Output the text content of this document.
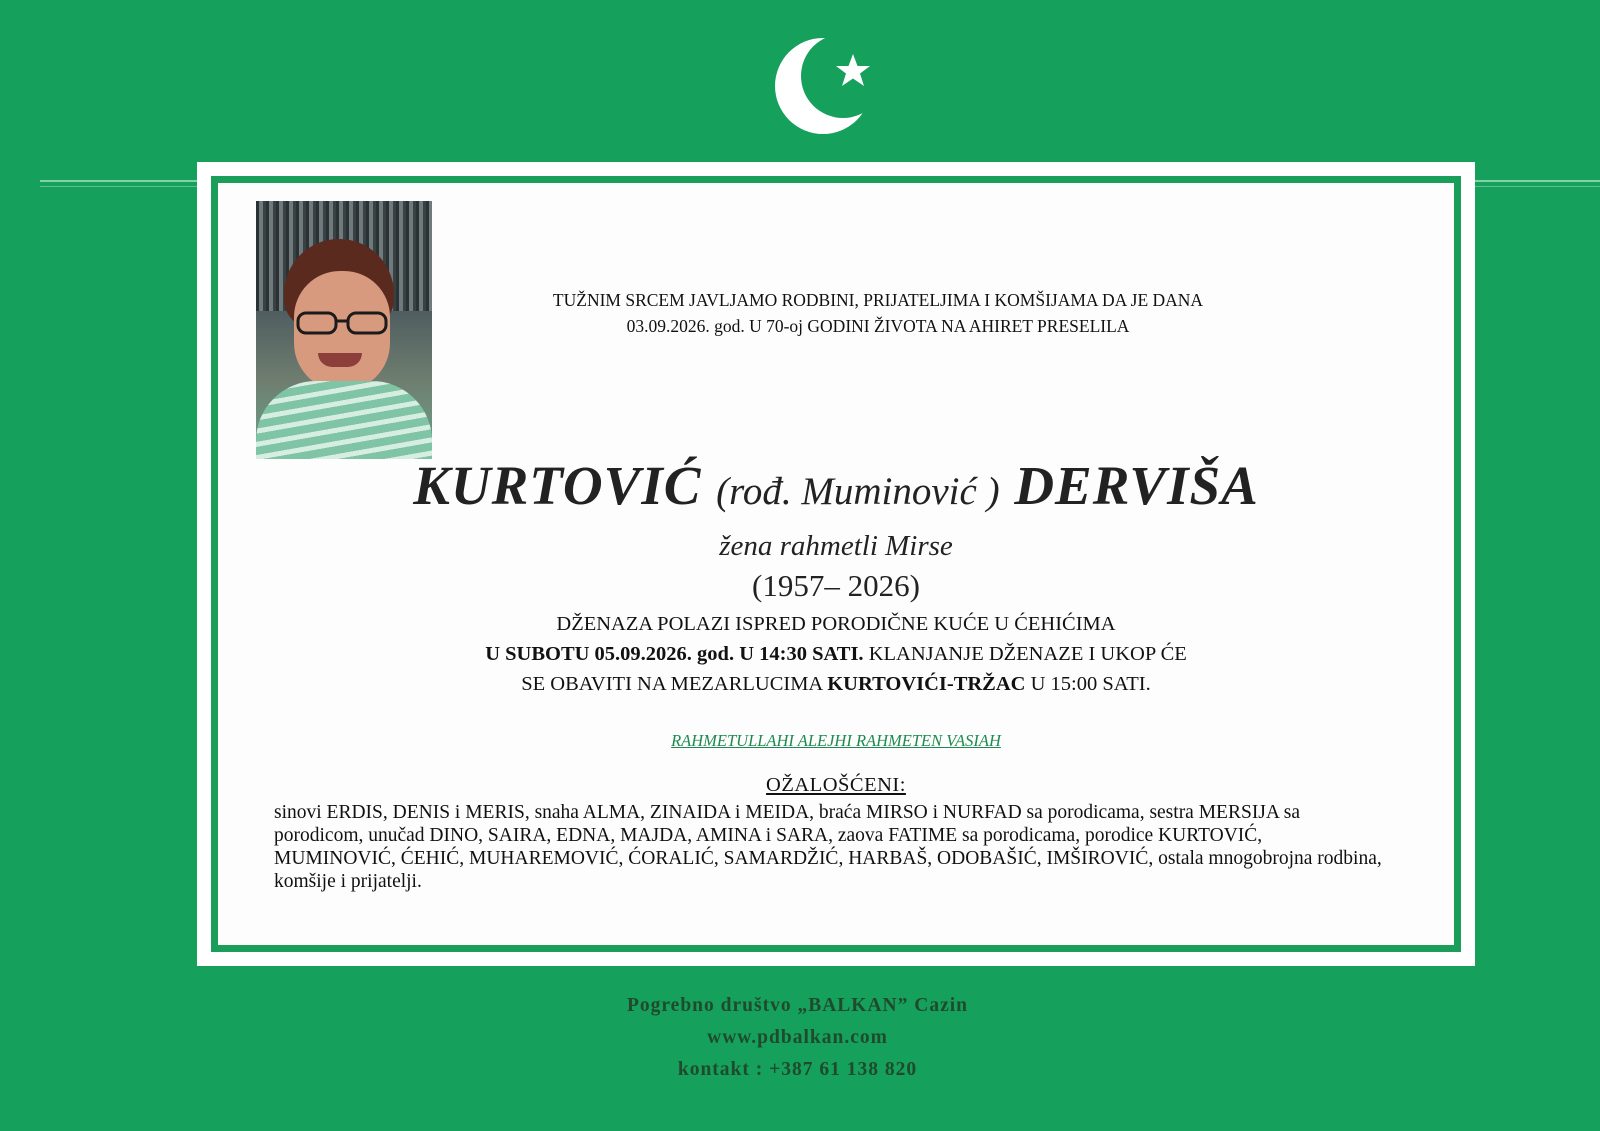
TUŽNIM SRCEM JAVLJAMO RODBINI, PRIJATELJIMA I KOMŠIJAMA DA JE DANA
03.09.2026. god. U 70-oj GODINI ŽIVOTA NA AHIRET PRESELILA

KURTOVIĆ (rođ. Muminović ) DERVIŠA

žena rahmetli Mirse

(1957– 2026)

DŽENAZA POLAZI ISPRED PORODIČNE KUĆE U ĆEHIĆIMA
U SUBOTU 05.09.2026. god. U 14:30 SATI. KLANJANJE DŽENAZE I UKOP ĆE
SE OBAVITI NA MEZARLUCIMA KURTOVIĆI-TRŽAC U 15:00 SATI.

RAHMETULLAHI ALEJHI RAHMETEN VASIAH

OŽALOŠĆENI:

sinovi ERDIS, DENIS i MERIS, snaha ALMA, ZINAIDA i MEIDA, braća MIRSO i NURFAD sa porodicama, sestra MERSIJA sa porodicom, unučad DINO, SAIRA, EDNA, MAJDA, AMINA i SARA, zaova FATIME sa porodicama, porodice KURTOVIĆ, MUMINOVIĆ, ĆEHIĆ, MUHAREMOVIĆ, ĆORALIĆ, SAMARDŽIĆ, HARBAŠ, ODOBAŠIĆ, IMŠIROVIĆ, ostala mnogobrojna rodbina, komšije i prijatelji.

Pogrebno društvo „BALKAN” Cazin
www.pdbalkan.com
kontakt : +387 61 138 820
